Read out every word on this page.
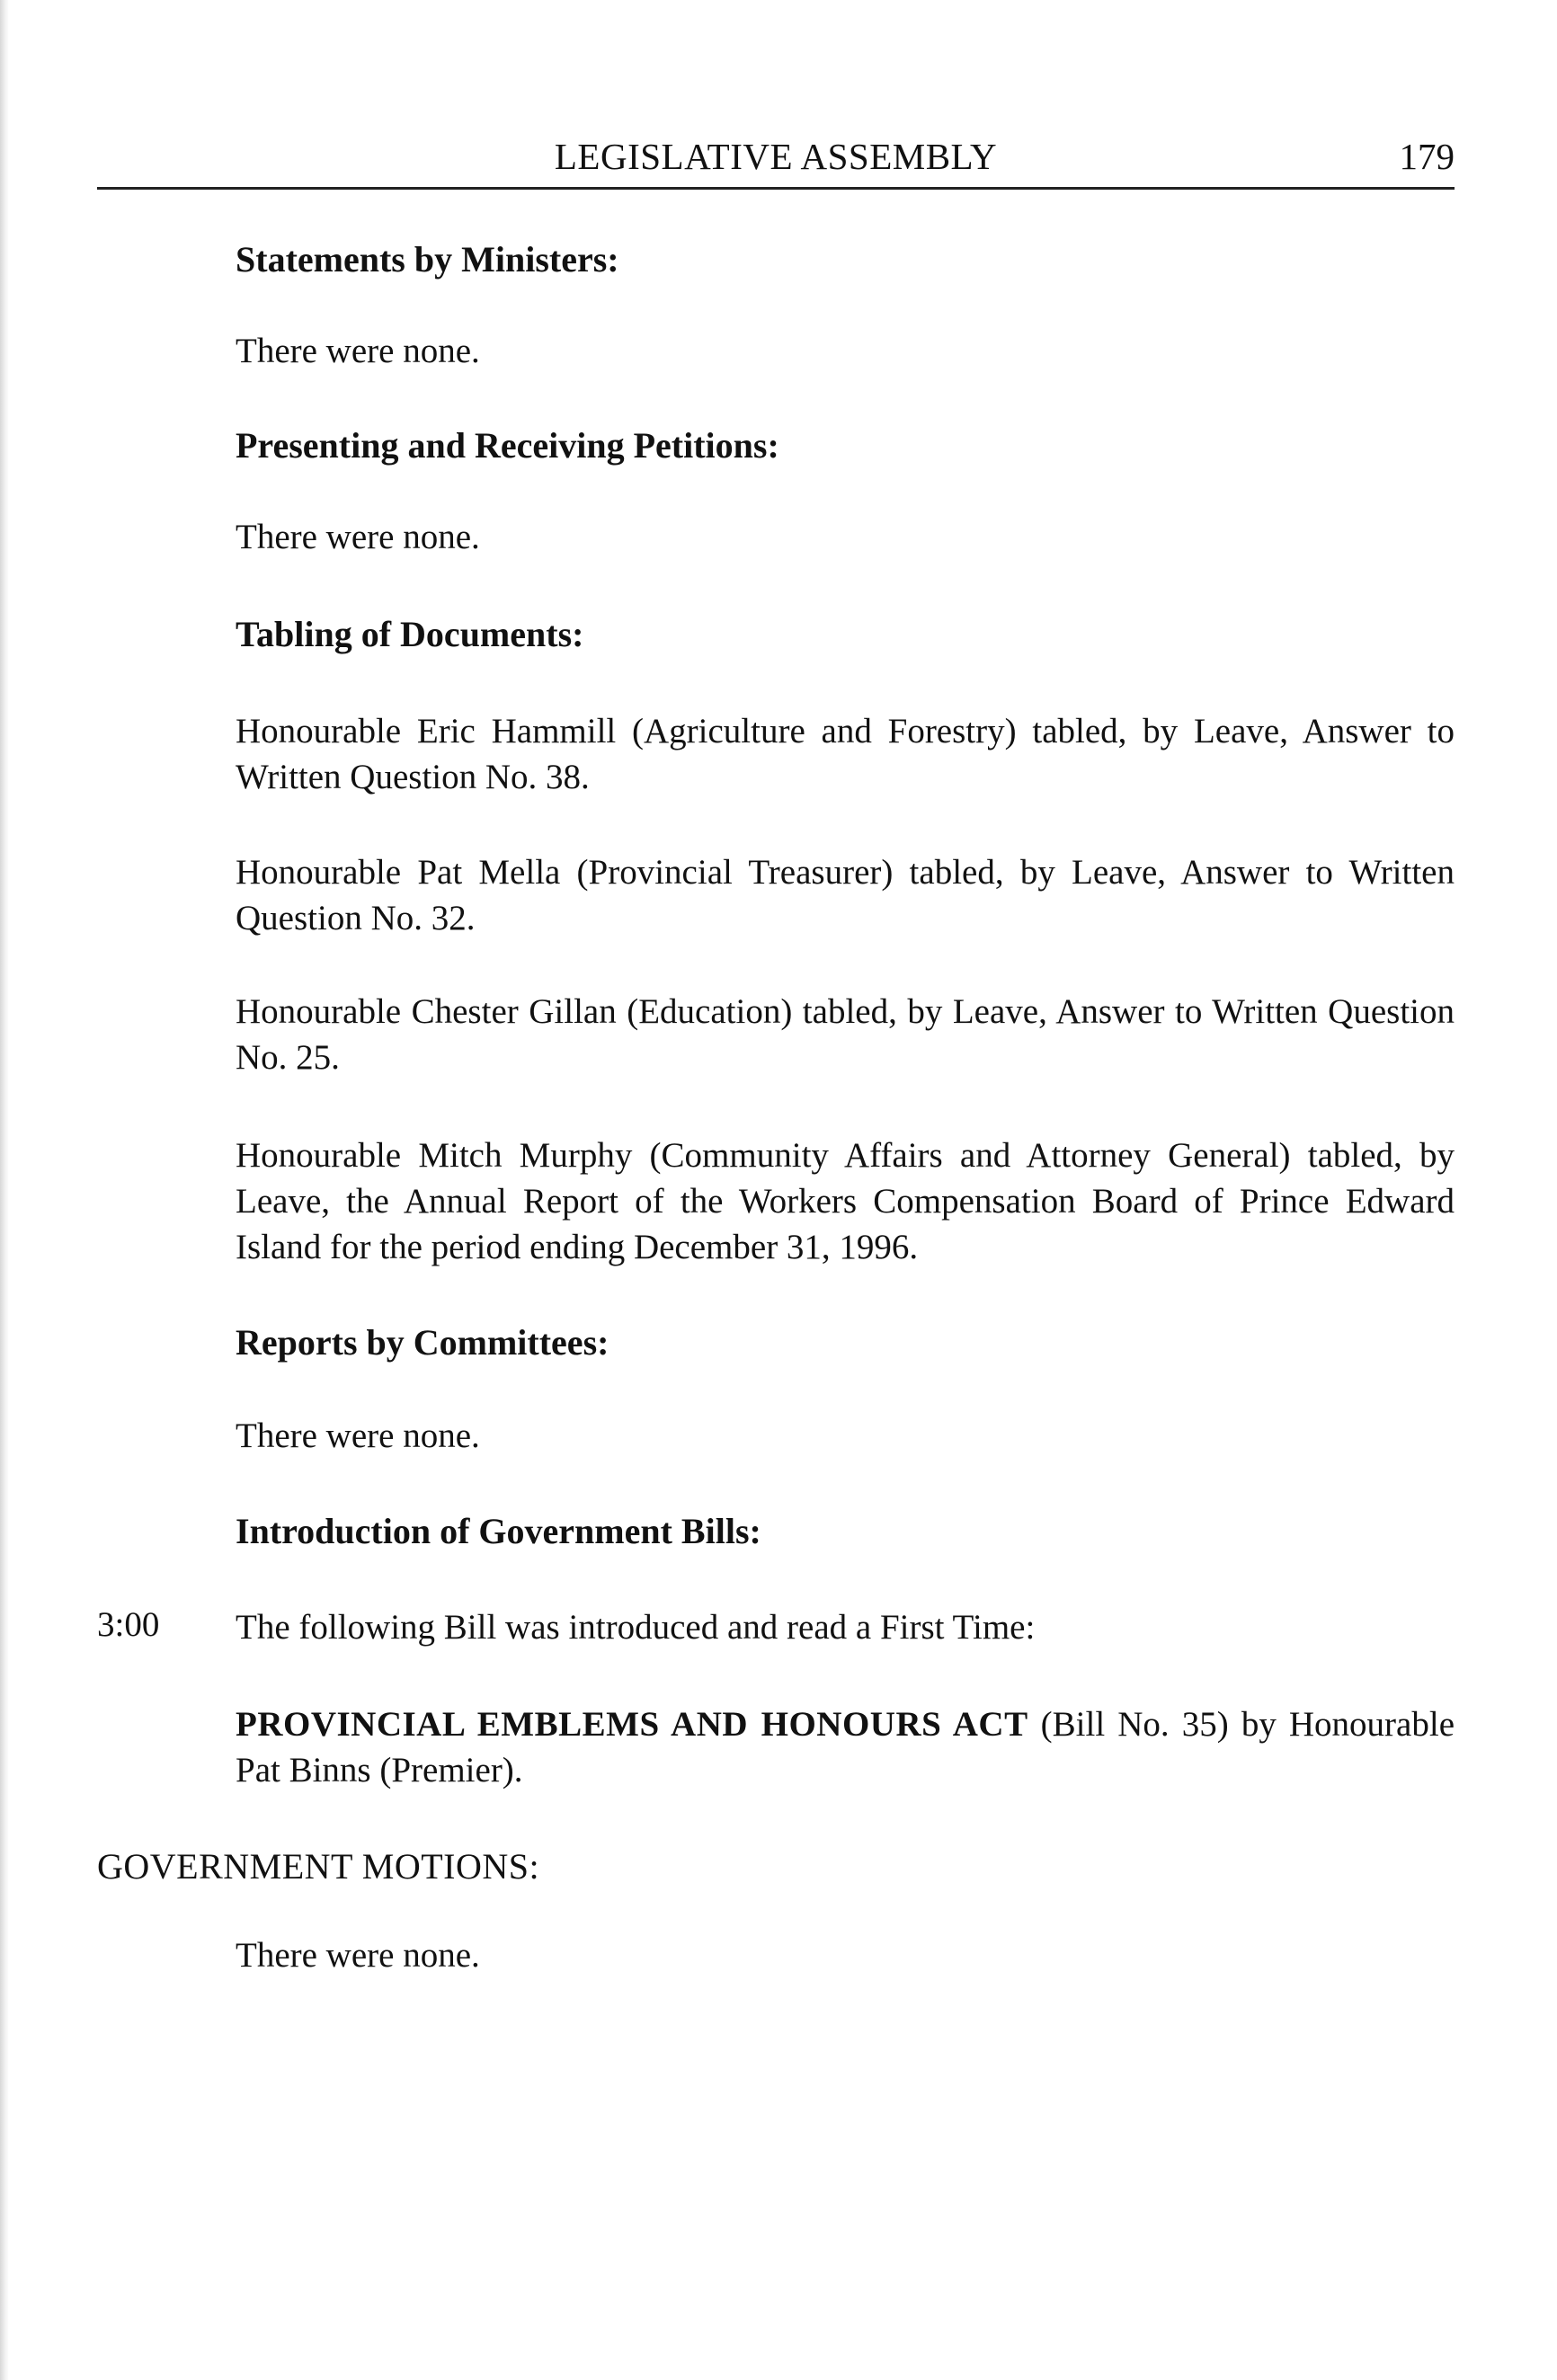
LEGISLATIVE ASSEMBLY	179
Statements by Ministers:
There were none.
Presenting and Receiving Petitions:
There were none.
Tabling of Documents:
Honourable Eric Hammill (Agriculture and Forestry) tabled, by Leave, Answer to Written Question No. 38.
Honourable Pat Mella (Provincial Treasurer) tabled, by Leave, Answer to Written Question No. 32.
Honourable Chester Gillan (Education) tabled, by Leave, Answer to Written Question No. 25.
Honourable Mitch Murphy (Community Affairs and Attorney General) tabled, by Leave, the Annual Report of the Workers Compensation Board of Prince Edward Island for the period ending December 31, 1996.
Reports by Committees:
There were none.
Introduction of Government Bills:
3:00 The following Bill was introduced and read a First Time:
PROVINCIAL EMBLEMS AND HONOURS ACT (Bill No. 35) by Honourable Pat Binns (Premier).
GOVERNMENT MOTIONS:
There were none.
